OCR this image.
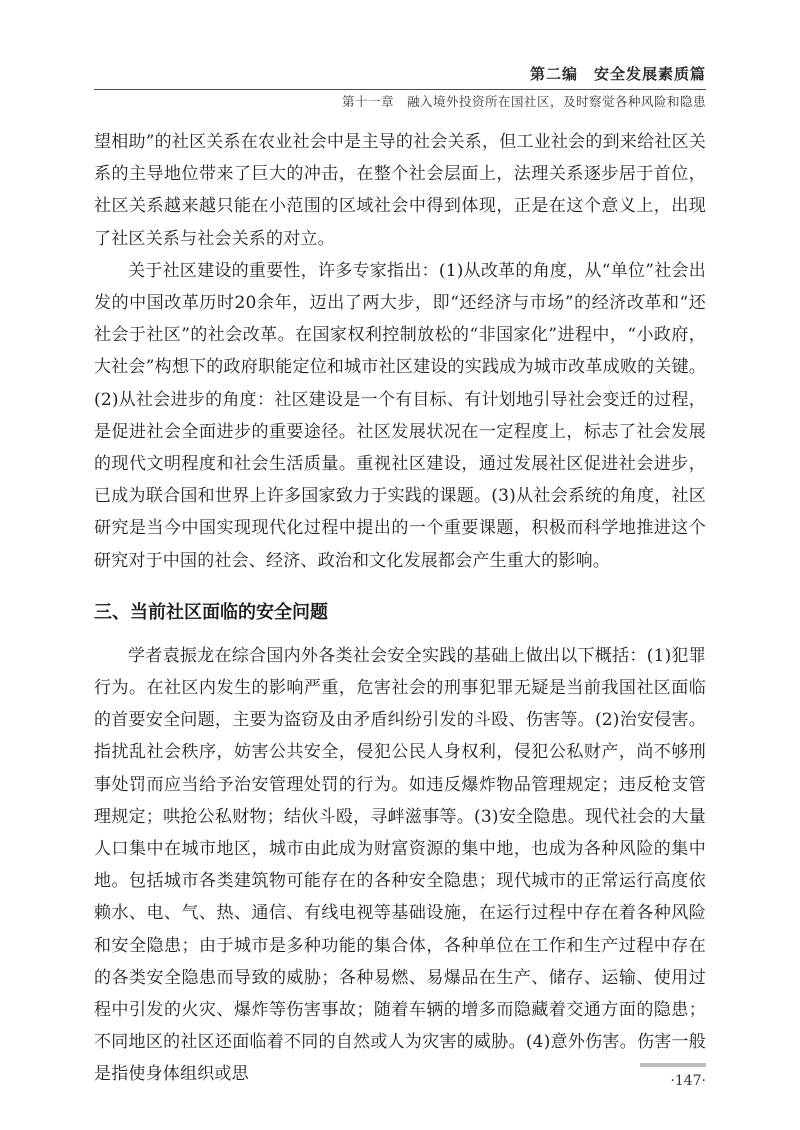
第二编　安全发展素质篇
第十一章　融入境外投资所在国社区，及时察觉各种风险和隐患

望相助”的社区关系在农业社会中是主导的社会关系，但工业社会的到来给社区关系的主导地位带来了巨大的冲击，在整个社会层面上，法理关系逐步居于首位，社区关系越来越只能在小范围的区域社会中得到体现，正是在这个意义上，出现了社区关系与社会关系的对立。

关于社区建设的重要性，许多专家指出：(1)从改革的角度，从“单位”社会出发的中国改革历时20余年，迈出了两大步，即“还经济与市场”的经济改革和“还社会于社区”的社会改革。在国家权利控制放松的“非国家化”进程中，“小政府，大社会”构想下的政府职能定位和城市社区建设的实践成为城市改革成败的关键。(2)从社会进步的角度：社区建设是一个有目标、有计划地引导社会变迁的过程，是促进社会全面进步的重要途径。社区发展状况在一定程度上，标志了社会发展的现代文明程度和社会生活质量。重视社区建设，通过发展社区促进社会进步，已成为联合国和世界上许多国家致力于实践的课题。(3)从社会系统的角度，社区研究是当今中国实现现代化过程中提出的一个重要课题，积极而科学地推进这个研究对于中国的社会、经济、政治和文化发展都会产生重大的影响。

三、当前社区面临的安全问题

学者袁振龙在综合国内外各类社会安全实践的基础上做出以下概括：(1)犯罪行为。在社区内发生的影响严重，危害社会的刑事犯罪无疑是当前我国社区面临的首要安全问题，主要为盗窃及由矛盾纠纷引发的斗殴、伤害等。(2)治安侵害。指扰乱社会秩序，妨害公共安全，侵犯公民人身权利，侵犯公私财产，尚不够刑事处罚而应当给予治安管理处罚的行为。如违反爆炸物品管理规定；违反枪支管理规定；哄抢公私财物；结伙斗殴，寻衅滋事等。(3)安全隐患。现代社会的大量人口集中在城市地区，城市由此成为财富资源的集中地，也成为各种风险的集中地。包括城市各类建筑物可能存在的各种安全隐患；现代城市的正常运行高度依赖水、电、气、热、通信、有线电视等基础设施，在运行过程中存在着各种风险和安全隐患；由于城市是多种功能的集合体，各种单位在工作和生产过程中存在的各类安全隐患而导致的威胁；各种易燃、易爆品在生产、储存、运输、使用过程中引发的火灾、爆炸等伤害事故；随着车辆的增多而隐藏着交通方面的隐患；不同地区的社区还面临着不同的自然或人为灾害的威胁。(4)意外伤害。伤害一般是指使身体组织或思	·147·
